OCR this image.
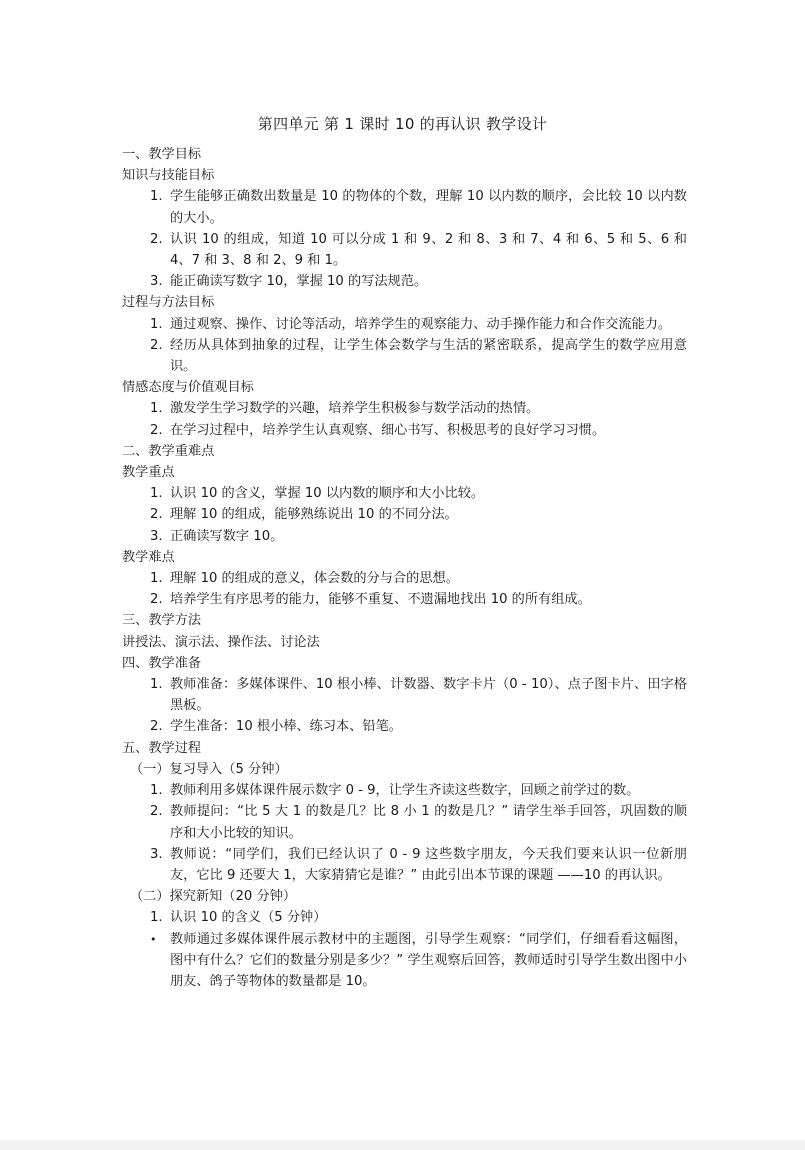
第四单元 第 1 课时 10 的再认识 教学设计

一、教学目标

知识与技能目标

1. 学生能够正确数出数量是 10 的物体的个数，理解 10 以内数的顺序，会比较 10 以内数的大小。
2. 认识 10 的组成，知道 10 可以分成 1 和 9、2 和 8、3 和 7、4 和 6、5 和 5、6 和 4、7 和 3、8 和 2、9 和 1。
3. 能正确读写数字 10，掌握 10 的写法规范。

过程与方法目标

1. 通过观察、操作、讨论等活动，培养学生的观察能力、动手操作能力和合作交流能力。
2. 经历从具体到抽象的过程，让学生体会数学与生活的紧密联系，提高学生的数学应用意识。

情感态度与价值观目标

1. 激发学生学习数学的兴趣，培养学生积极参与数学活动的热情。
2. 在学习过程中，培养学生认真观察、细心书写、积极思考的良好学习习惯。

二、教学重难点

教学重点

1. 认识 10 的含义，掌握 10 以内数的顺序和大小比较。
2. 理解 10 的组成，能够熟练说出 10 的不同分法。
3. 正确读写数字 10。

教学难点

1. 理解 10 的组成的意义，体会数的分与合的思想。
2. 培养学生有序思考的能力，能够不重复、不遗漏地找出 10 的所有组成。

三、教学方法

讲授法、演示法、操作法、讨论法

四、教学准备

1. 教师准备：多媒体课件、10 根小棒、计数器、数字卡片（0 - 10）、点子图卡片、田字格黑板。
2. 学生准备：10 根小棒、练习本、铅笔。

五、教学过程

（一）复习导入（5 分钟）

1. 教师利用多媒体课件展示数字 0 - 9，让学生齐读这些数字，回顾之前学过的数。
2. 教师提问：“比 5 大 1 的数是几？比 8 小 1 的数是几？” 请学生举手回答，巩固数的顺序和大小比较的知识。
3. 教师说：“同学们，我们已经认识了 0 - 9 这些数字朋友，今天我们要来认识一位新朋友，它比 9 还要大 1，大家猜猜它是谁？” 由此引出本节课的课题 ——10 的再认识。

（二）探究新知（20 分钟）

1. 认识 10 的含义（5 分钟）
•	教师通过多媒体课件展示教材中的主题图，引导学生观察：“同学们，仔细看看这幅图，图中有什么？它们的数量分别是多少？” 学生观察后回答，教师适时引导学生数出图中小朋友、鸽子等物体的数量都是 10。
